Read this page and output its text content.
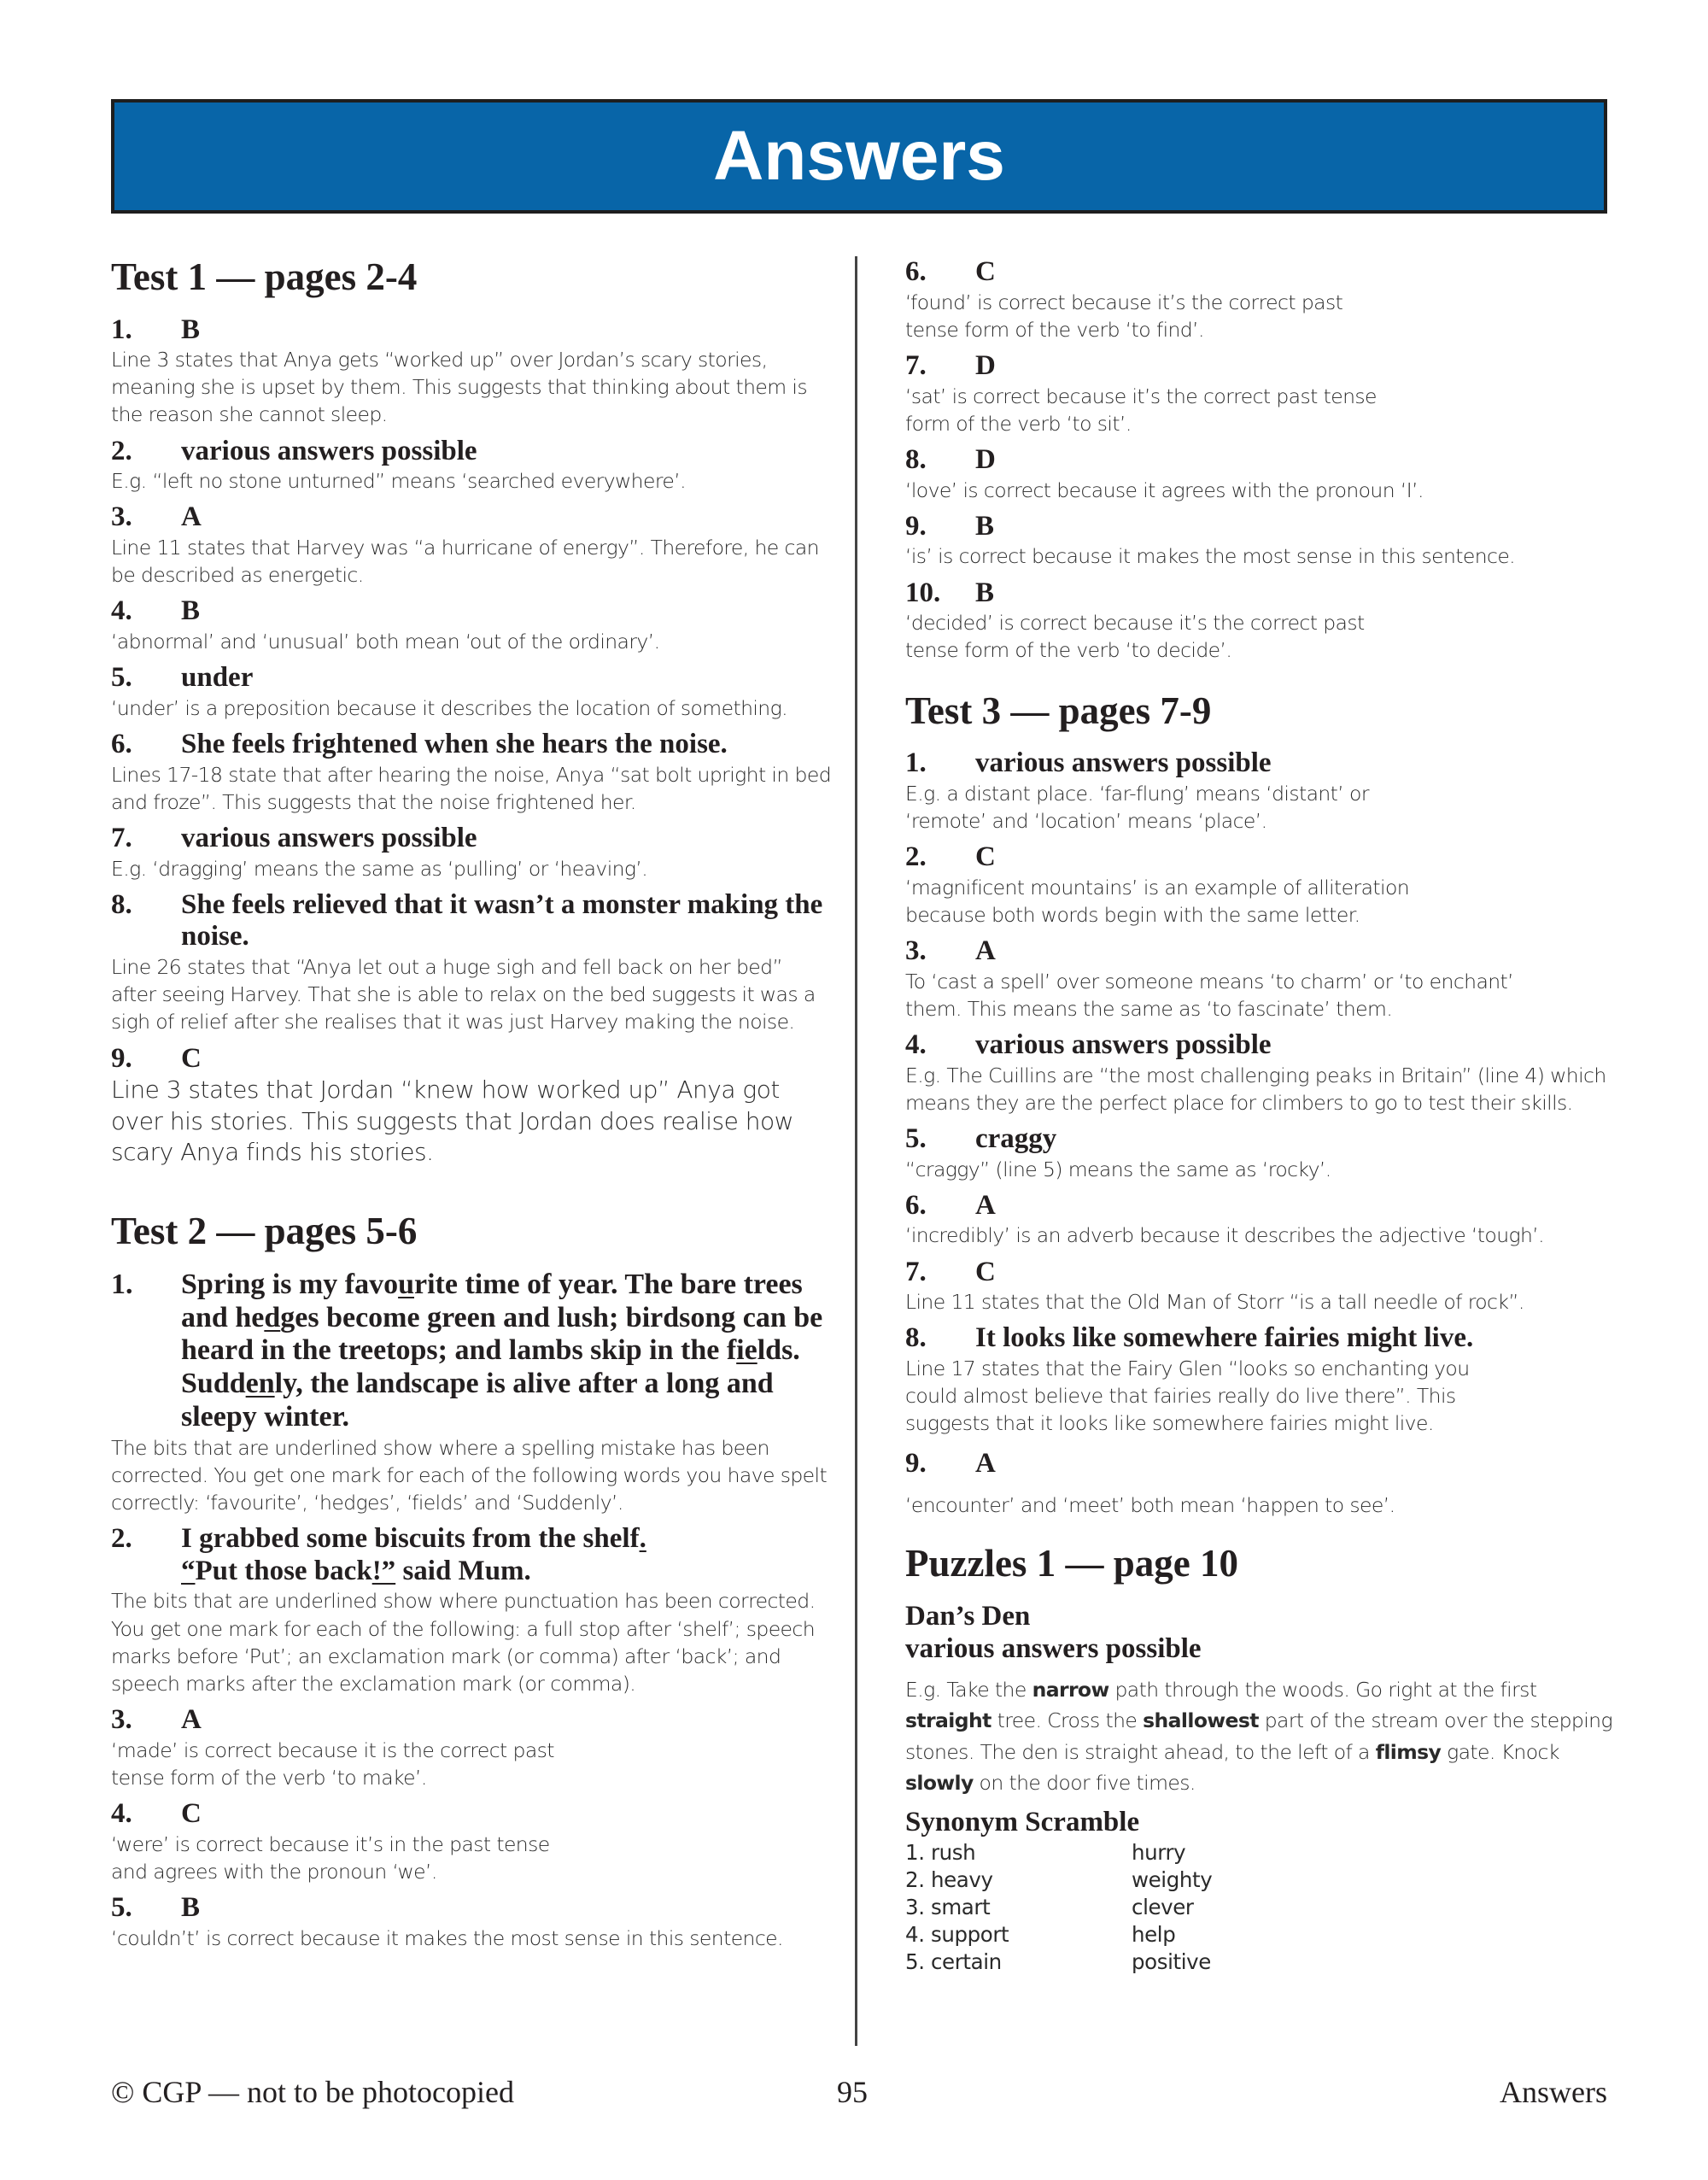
Answers
Test 1 — pages 2-4
1.	B
Line 3 states that Anya gets “worked up” over Jordan’s scary stories, meaning she is upset by them. This suggests that thinking about them is the reason she cannot sleep.
2.	various answers possible
E.g. “left no stone unturned” means ‘searched everywhere’.
3.	A
Line 11 states that Harvey was “a hurricane of energy”. Therefore, he can be described as energetic.
4.	B
‘abnormal’ and ‘unusual’ both mean ‘out of the ordinary’.
5.	under
‘under’ is a preposition because it describes the location of something.
6.	She feels frightened when she hears the noise.
Lines 17-18 state that after hearing the noise, Anya “sat bolt upright in bed and froze”. This suggests that the noise frightened her.
7.	various answers possible
E.g. ‘dragging’ means the same as ‘pulling’ or ‘heaving’.
8.	She feels relieved that it wasn’t a monster making the noise.
Line 26 states that “Anya let out a huge sigh and fell back on her bed” after seeing Harvey. That she is able to relax on the bed suggests it was a sigh of relief after she realises that it was just Harvey making the noise.
9.	C
Line 3 states that Jordan “knew how worked up” Anya got over his stories. This suggests that Jordan does realise how scary Anya finds his stories.
Test 2 — pages 5-6
1.	Spring is my favourite time of year. The bare trees and hedges become green and lush; birdsong can be heard in the treetops; and lambs skip in the fields. Suddenly, the landscape is alive after a long and sleepy winter.
The bits that are underlined show where a spelling mistake has been corrected. You get one mark for each of the following words you have spelt correctly: ‘favourite’, ‘hedges’, ‘fields’ and ‘Suddenly’.
2.	I grabbed some biscuits from the shelf.
“Put those back!” said Mum.
The bits that are underlined show where punctuation has been corrected. You get one mark for each of the following: a full stop after ‘shelf’; speech marks before ‘Put’; an exclamation mark (or comma) after ‘back’; and speech marks after the exclamation mark (or comma).
3.	A
‘made’ is correct because it is the correct past tense form of the verb ‘to make’.
4.	C
‘were’ is correct because it’s in the past tense and agrees with the pronoun ‘we’.
5.	B
‘couldn’t’ is correct because it makes the most sense in this sentence.
6.	C
‘found’ is correct because it’s the correct past tense form of the verb ‘to find’.
7.	D
‘sat’ is correct because it’s the correct past tense form of the verb ‘to sit’.
8.	D
‘love’ is correct because it agrees with the pronoun ‘I’.
9.	B
‘is’ is correct because it makes the most sense in this sentence.
10.	B
‘decided’ is correct because it’s the correct past tense form of the verb ‘to decide’.
Test 3 — pages 7-9
1.	various answers possible
E.g. a distant place. ‘far-flung’ means ‘distant’ or ‘remote’ and ‘location’ means ‘place’.
2.	C
‘magnificent mountains’ is an example of alliteration because both words begin with the same letter.
3.	A
To ‘cast a spell’ over someone means ‘to charm’ or ‘to enchant’ them. This means the same as ‘to fascinate’ them.
4.	various answers possible
E.g. The Cuillins are “the most challenging peaks in Britain” (line 4) which means they are the perfect place for climbers to go to test their skills.
5.	craggy
“craggy” (line 5) means the same as ‘rocky’.
6.	A
‘incredibly’ is an adverb because it describes the adjective ‘tough’.
7.	C
Line 11 states that the Old Man of Storr “is a tall needle of rock”.
8.	It looks like somewhere fairies might live.
Line 17 states that the Fairy Glen “looks so enchanting you could almost believe that fairies really do live there”. This suggests that it looks like somewhere fairies might live.
9.	A
‘encounter’ and ‘meet’ both mean ‘happen to see’.
Puzzles 1 — page 10
Dan’s Den
various answers possible
E.g. Take the narrow path through the woods. Go right at the first straight tree. Cross the shallowest part of the stream over the stepping stones. The den is straight ahead, to the left of a flimsy gate. Knock slowly on the door five times.
Synonym Scramble
1. rush	hurry
2. heavy	weighty
3. smart	clever
4. support	help
5. certain	positive
© CGP — not to be photocopied	95	Answers
